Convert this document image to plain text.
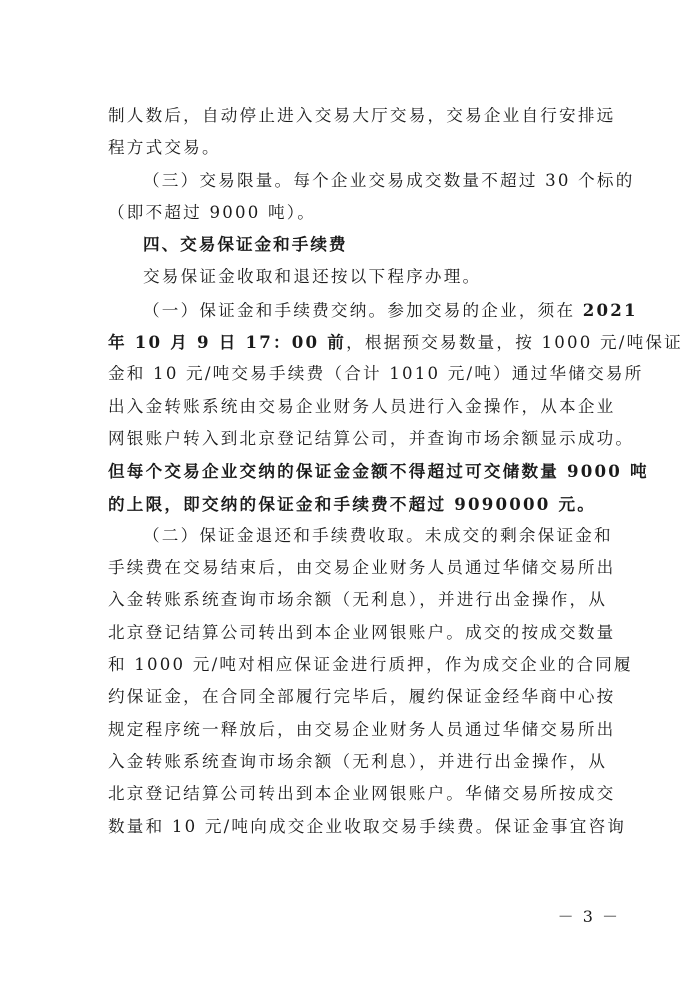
制人数后，自动停止进入交易大厅交易，交易企业自行安排远
程方式交易。
（三）交易限量。每个企业交易成交数量不超过 30 个标的
（即不超过 9000 吨）。
四、交易保证金和手续费
交易保证金收取和退还按以下程序办理。
（一）保证金和手续费交纳。参加交易的企业，须在 2021
年 10 月 9 日 17：00 前，根据预交易数量，按 1000 元/吨保证
金和 10 元/吨交易手续费（合计 1010 元/吨）通过华储交易所
出入金转账系统由交易企业财务人员进行入金操作，从本企业
网银账户转入到北京登记结算公司，并查询市场余额显示成功。
但每个交易企业交纳的保证金金额不得超过可交储数量 9000 吨
的上限，即交纳的保证金和手续费不超过 9090000 元。
（二）保证金退还和手续费收取。未成交的剩余保证金和
手续费在交易结束后，由交易企业财务人员通过华储交易所出
入金转账系统查询市场余额（无利息），并进行出金操作，从
北京登记结算公司转出到本企业网银账户。成交的按成交数量
和 1000 元/吨对相应保证金进行质押，作为成交企业的合同履
约保证金，在合同全部履行完毕后，履约保证金经华商中心按
规定程序统一释放后，由交易企业财务人员通过华储交易所出
入金转账系统查询市场余额（无利息），并进行出金操作，从
北京登记结算公司转出到本企业网银账户。华储交易所按成交
数量和 10 元/吨向成交企业收取交易手续费。保证金事宜咨询
－ 3 －
